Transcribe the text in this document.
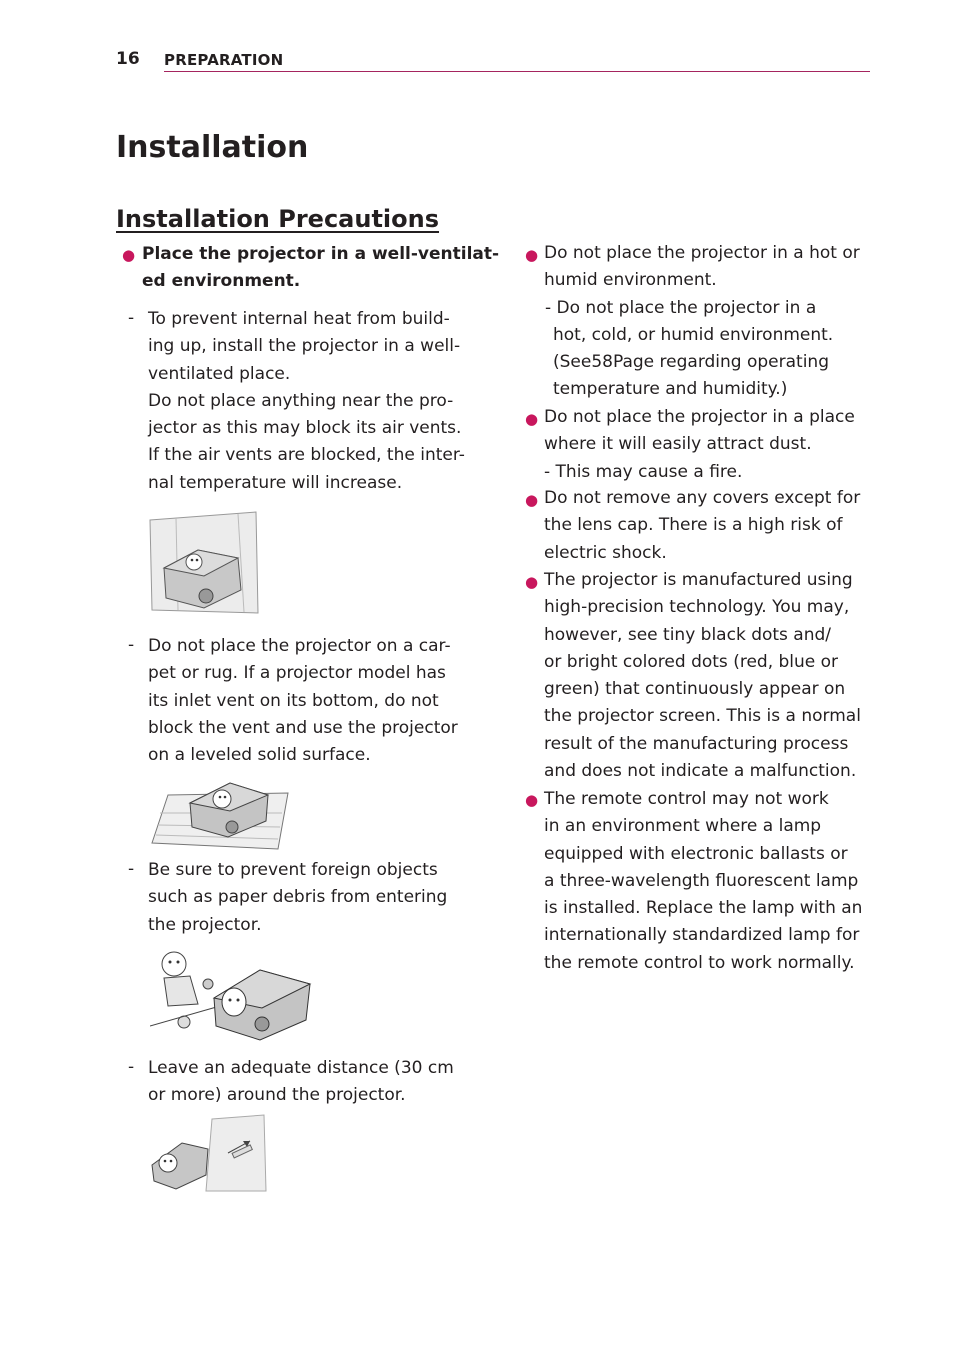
16 PREPARATION
Installation
Installation Precautions
● Place the projector in a well-ventilat-
ed environment.
- To prevent internal heat from build-
ing up, install the projector in a well-
ventilated place.
Do not place anything near the pro-
jector as this may block its air vents.
If the air vents are blocked, the inter-
nal temperature will increase.
- Do not place the projector on a car-
pet or rug. If a projector model has
its inlet vent on its bottom, do not
block the vent and use the projector
on a leveled solid surface.
- Be sure to prevent foreign objects
such as paper debris from entering
the projector.
- Leave an adequate distance (30 cm
or more) around the projector.
● Do not place the projector in a hot or
humid environment.
- Do not place the projector in a
hot, cold, or humid environment.
(See58Page regarding operating
temperature and humidity.)
● Do not place the projector in a place
where it will easily attract dust.
- This may cause a fire.
● Do not remove any covers except for
the lens cap. There is a high risk of
electric shock.
● The projector is manufactured using
high-precision technology. You may,
however, see tiny black dots and/
or bright colored dots (red, blue or
green) that continuously appear on
the projector screen. This is a normal
result of the manufacturing process
and does not indicate a malfunction.
● The remote control may not work
in an environment where a lamp
equipped with electronic ballasts or
a three-wavelength fluorescent lamp
is installed. Replace the lamp with an
internationally standardized lamp for
the remote control to work normally.
